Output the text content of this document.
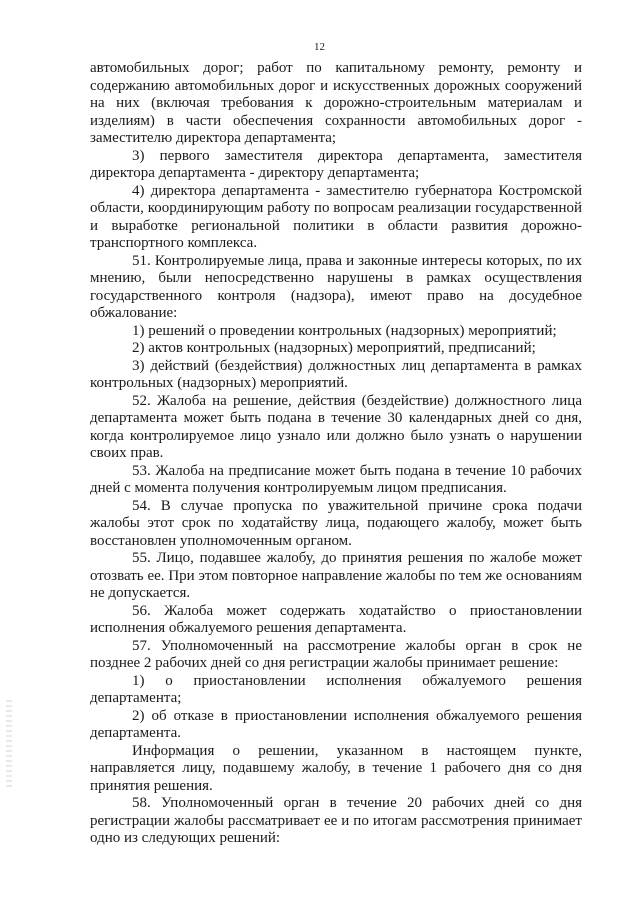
12

автомобильных дорог; работ по капитальному ремонту, ремонту и содержанию автомобильных дорог и искусственных дорожных сооружений на них (включая требования к дорожно-строительным материалам и изделиям) в части обеспечения сохранности автомобильных дорог - заместителю директора департамента;

3) первого заместителя директора департамента, заместителя директора департамента - директору департамента;

4) директора департамента - заместителю губернатора Костромской области, координирующим работу по вопросам реализации государственной и выработке региональной политики в области развития дорожно-транспортного комплекса.

51. Контролируемые лица, права и законные интересы которых, по их мнению, были непосредственно нарушены в рамках осуществления государственного контроля (надзора), имеют право на досудебное обжалование:

1) решений о проведении контрольных (надзорных) мероприятий;

2) актов контрольных (надзорных) мероприятий, предписаний;

3) действий (бездействия) должностных лиц департамента в рамках контрольных (надзорных) мероприятий.

52. Жалоба на решение, действия (бездействие) должностного лица департамента может быть подана в течение 30 календарных дней со дня, когда контролируемое лицо узнало или должно было узнать о нарушении своих прав.

53. Жалоба на предписание может быть подана в течение 10 рабочих дней с момента получения контролируемым лицом предписания.

54. В случае пропуска по уважительной причине срока подачи жалобы этот срок по ходатайству лица, подающего жалобу, может быть восстановлен уполномоченным органом.

55. Лицо, подавшее жалобу, до принятия решения по жалобе может отозвать ее. При этом повторное направление жалобы по тем же основаниям не допускается.

56. Жалоба может содержать ходатайство о приостановлении исполнения обжалуемого решения департамента.

57. Уполномоченный на рассмотрение жалобы орган в срок не позднее 2 рабочих дней со дня регистрации жалобы принимает решение:

1) о приостановлении исполнения обжалуемого решения департамента;

2) об отказе в приостановлении исполнения обжалуемого решения департамента.

Информация о решении, указанном в настоящем пункте, направляется лицу, подавшему жалобу, в течение 1 рабочего дня со дня принятия решения.

58. Уполномоченный орган в течение 20 рабочих дней со дня регистрации жалобы рассматривает ее и по итогам рассмотрения принимает одно из следующих решений:
